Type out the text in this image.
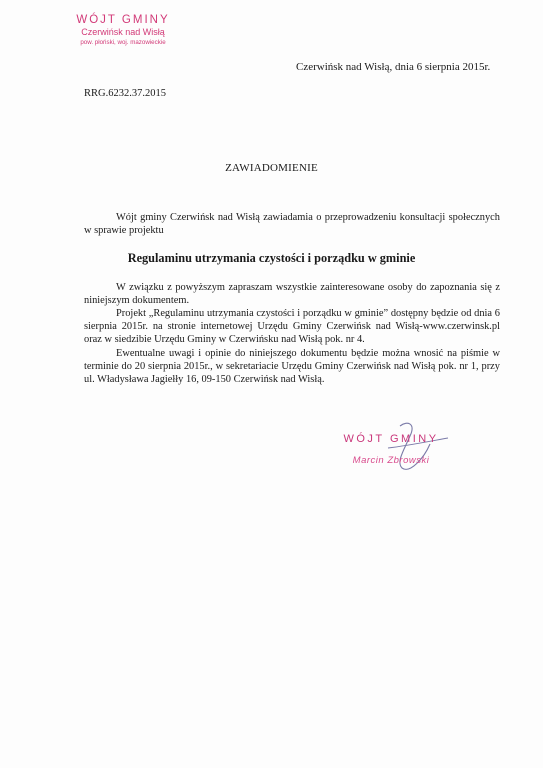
WÓJT GMINY
Czerwińsk nad Wisłą
pow. płoński, woj. mazowieckie
Czerwińsk nad Wisłą, dnia 6 sierpnia 2015r.
RRG.6232.37.2015
ZAWIADOMIENIE
Wójt gminy Czerwińsk nad Wisłą zawiadamia o przeprowadzeniu konsultacji społecznych w sprawie projektu
Regulaminu utrzymania czystości i porządku w gminie
W związku z powyższym zapraszam wszystkie zainteresowane osoby do zapoznania się z niniejszym dokumentem.
Projekt „Regulaminu utrzymania czystości i porządku w gminie” dostępny będzie od dnia 6 sierpnia 2015r. na stronie internetowej Urzędu Gminy Czerwińsk nad Wisłą-www.czerwinsk.pl oraz w siedzibie Urzędu Gminy w Czerwińsku nad Wisłą pok. nr 4.
Ewentualne uwagi i opinie do niniejszego dokumentu będzie można wnosić na piśmie w terminie do 20 sierpnia 2015r., w sekretariacie Urzędu Gminy Czerwińsk nad Wisłą pok. nr 1, przy ul. Władysława Jagiełły 16, 09-150 Czerwińsk nad Wisłą.
WÓJT GMINY
Marcin Zbrowski
